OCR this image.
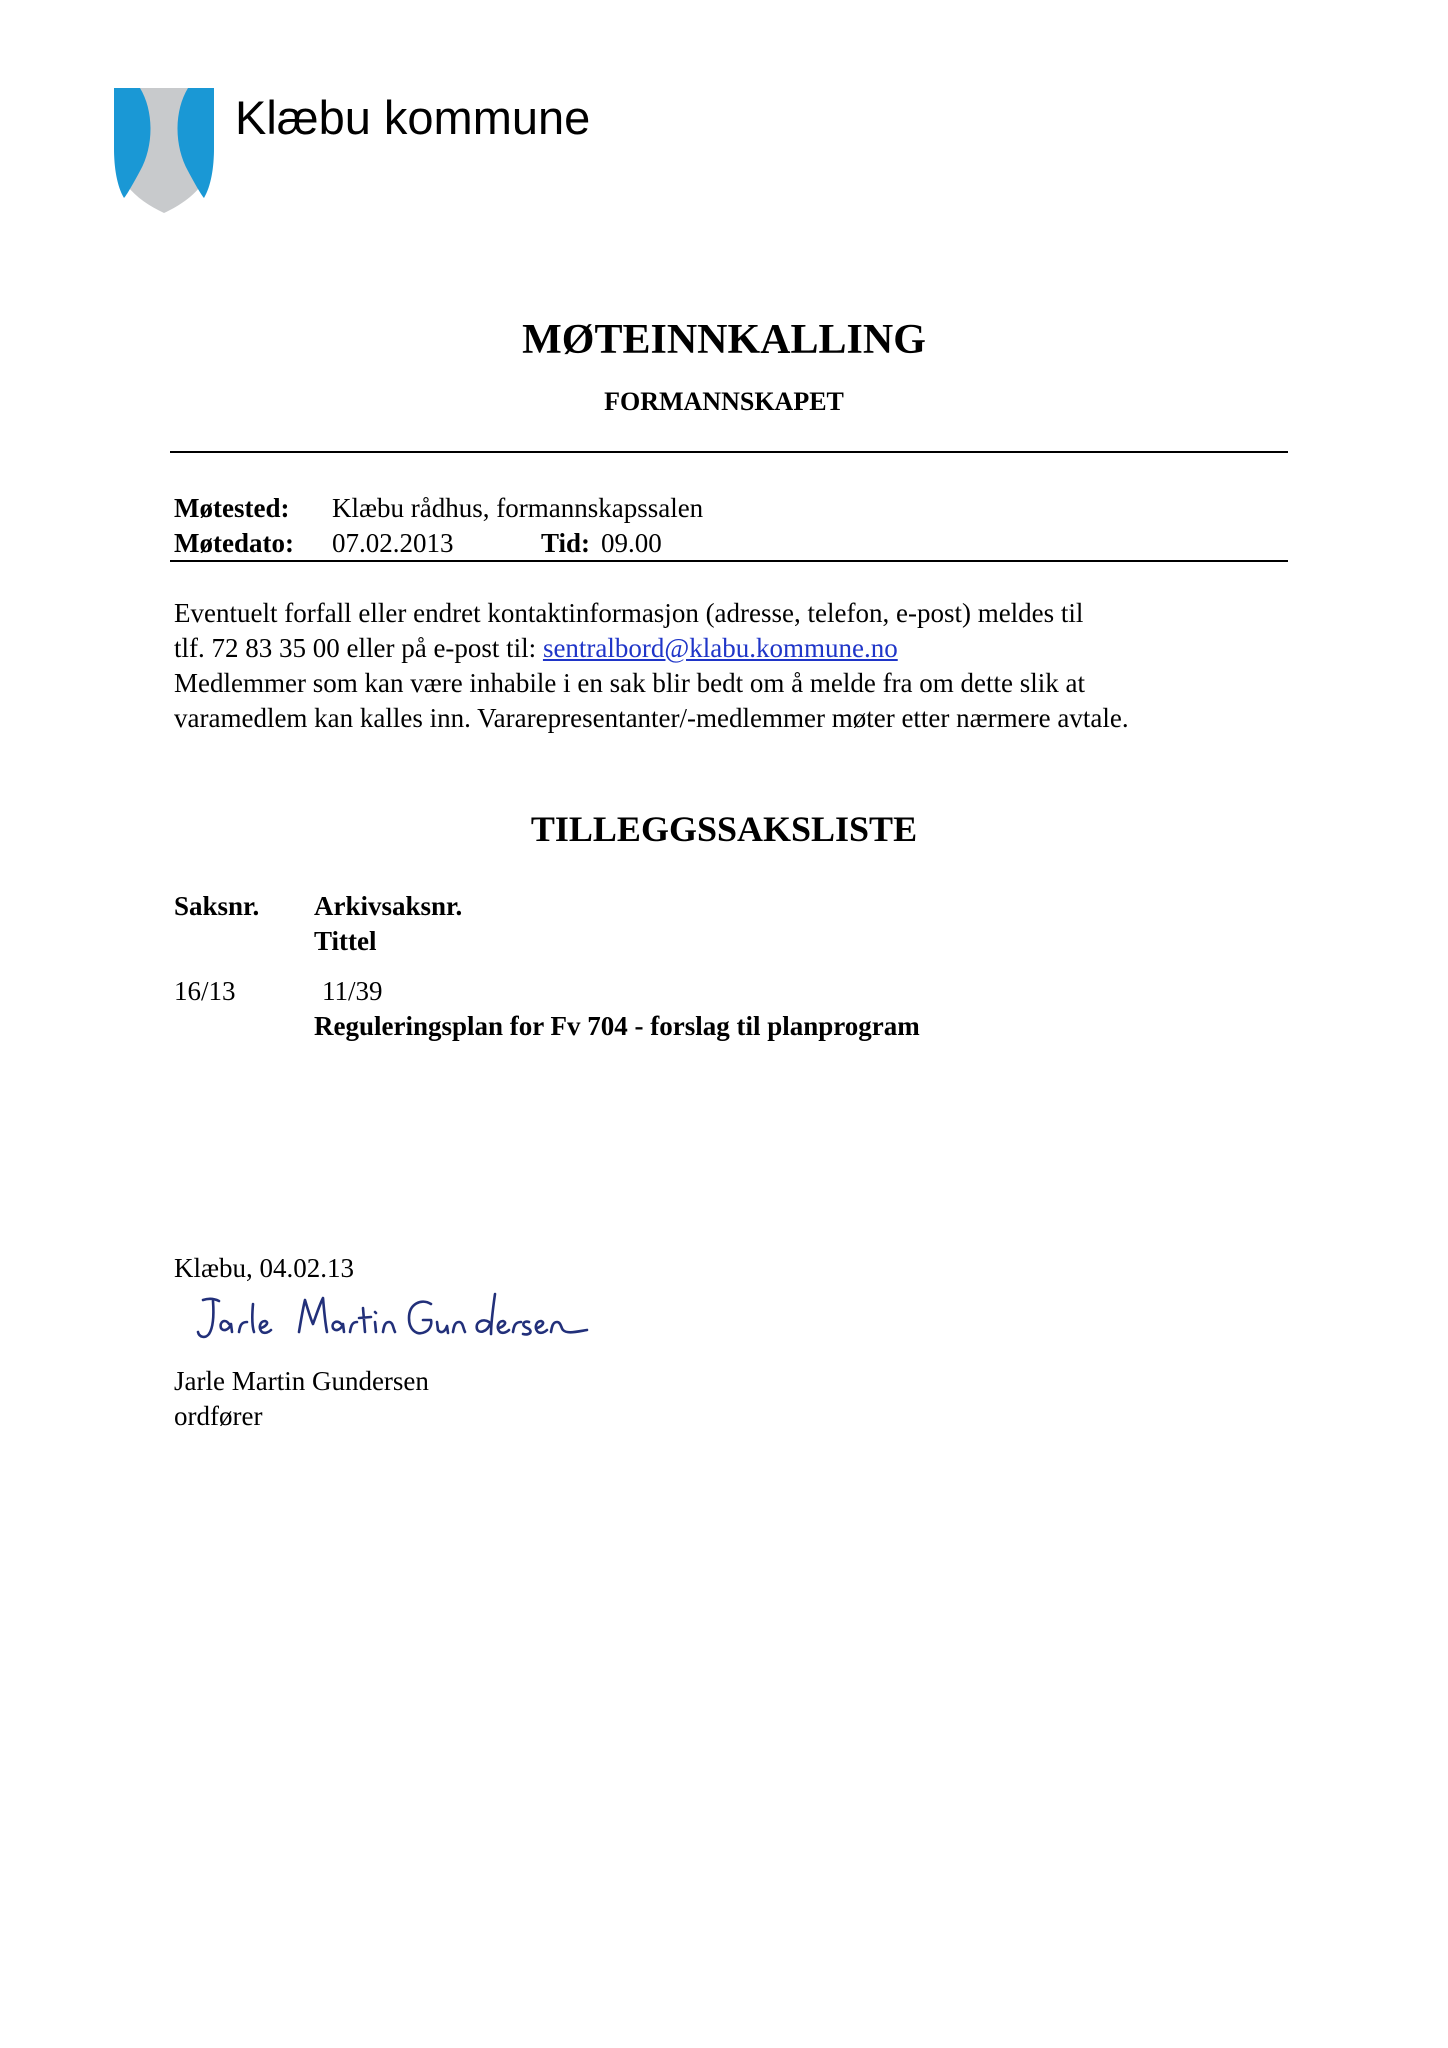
Klæbu kommune
MØTEINNKALLING
FORMANNSKAPET
Møtested: Klæbu rådhus, formannskapssalen
Møtedato: 07.02.2013	Tid: 09.00

Eventuelt forfall eller endret kontaktinformasjon (adresse, telefon, e-post) meldes til

tlf. 72 83 35 00 eller på e-post til: sentralbord@klabu.kommune.no

Medlemmer som kan være inhabile i en sak blir bedt om å melde fra om dette slik at

varamedlem kan kalles inn. Vararepresentanter/-medlemmer møter etter nærmere avtale.

TILLEGGSSAKSLISTE
Saksnr. Arkivsaksnr.
Tittel
16/13	11/39
Reguleringsplan for Fv 704 - forslag til planprogram
Klæbu, 04.02.13
Jarle Martin Gundersen
ordfører
